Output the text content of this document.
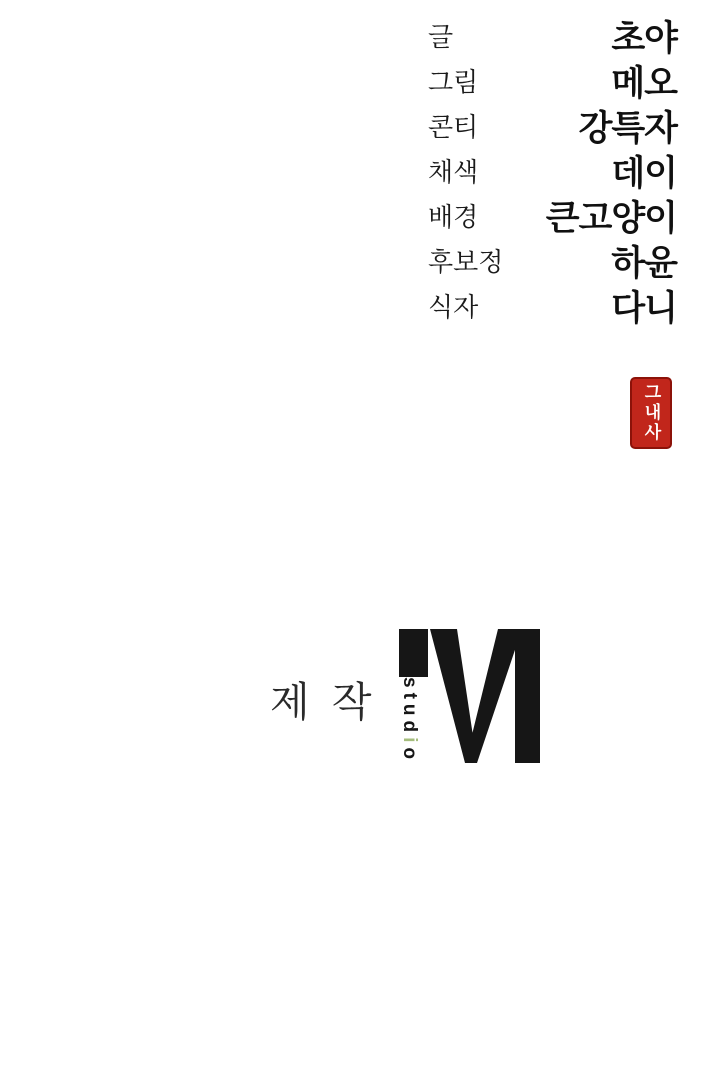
글	초야
그림	메오
콘티	강특자
채색	데이
배경 큰고양이
후보정	하윤
식자	다니
그내사
제 작 studio
